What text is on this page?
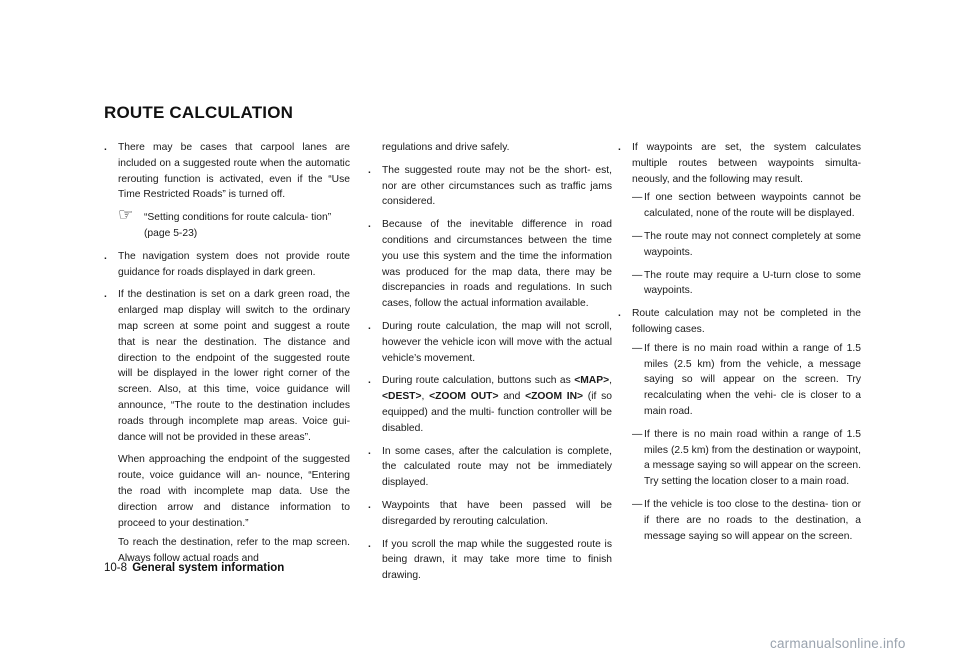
ROUTE CALCULATION

. There may be cases that carpool lanes are included on a suggested route when the automatic rerouting function is activated, even if the “Use Time Restricted Roads” is turned off.

☞ “Setting conditions for route calcula- tion” (page 5-23)

. The navigation system does not provide route guidance for roads displayed in dark green.

. If the destination is set on a dark green road, the enlarged map display will switch to the ordinary map screen at some point and suggest a route that is near the destination. The distance and direction to the endpoint of the suggested route will be displayed in the lower right corner of the screen. Also, at this time, voice guidance will announce, “The route to the destination includes roads through incomplete map areas. Voice gui- dance will not be provided in these areas”.

When approaching the endpoint of the suggested route, voice guidance will an- nounce, “Entering the road with incomplete map data. Use the direction arrow and distance information to proceed to your destination.”

To reach the destination, refer to the map screen. Always follow actual roads and

regulations and drive safely.

. The suggested route may not be the short- est, nor are other circumstances such as traffic jams considered.

. Because of the inevitable difference in road conditions and circumstances between the time you use this system and the time the information was produced for the map data, there may be discrepancies in roads and regulations. In such cases, follow the actual information available.

. During route calculation, the map will not scroll, however the vehicle icon will move with the actual vehicle’s movement.

. During route calculation, buttons such as <MAP>, <DEST>, <ZOOM OUT> and <ZOOM IN> (if so equipped) and the multi- function controller will be disabled.

. In some cases, after the calculation is complete, the calculated route may not be immediately displayed.

. Waypoints that have been passed will be disregarded by rerouting calculation.

. If you scroll the map while the suggested route is being drawn, it may take more time to finish drawing.

. If waypoints are set, the system calculates multiple routes between waypoints simulta- neously, and the following may result.

— If one section between waypoints cannot be calculated, none of the route will be displayed.

— The route may not connect completely at some waypoints.

— The route may require a U-turn close to some waypoints.

. Route calculation may not be completed in the following cases.

— If there is no main road within a range of 1.5 miles (2.5 km) from the vehicle, a message saying so will appear on the screen. Try recalculating when the vehi- cle is closer to a main road.

— If there is no main road within a range of 1.5 miles (2.5 km) from the destination or waypoint, a message saying so will appear on the screen. Try setting the location closer to a main road.

— If the vehicle is too close to the destina- tion or if there are no roads to the destination, a message saying so will appear on the screen.

10-8 General system information

carmanualsonline.info
